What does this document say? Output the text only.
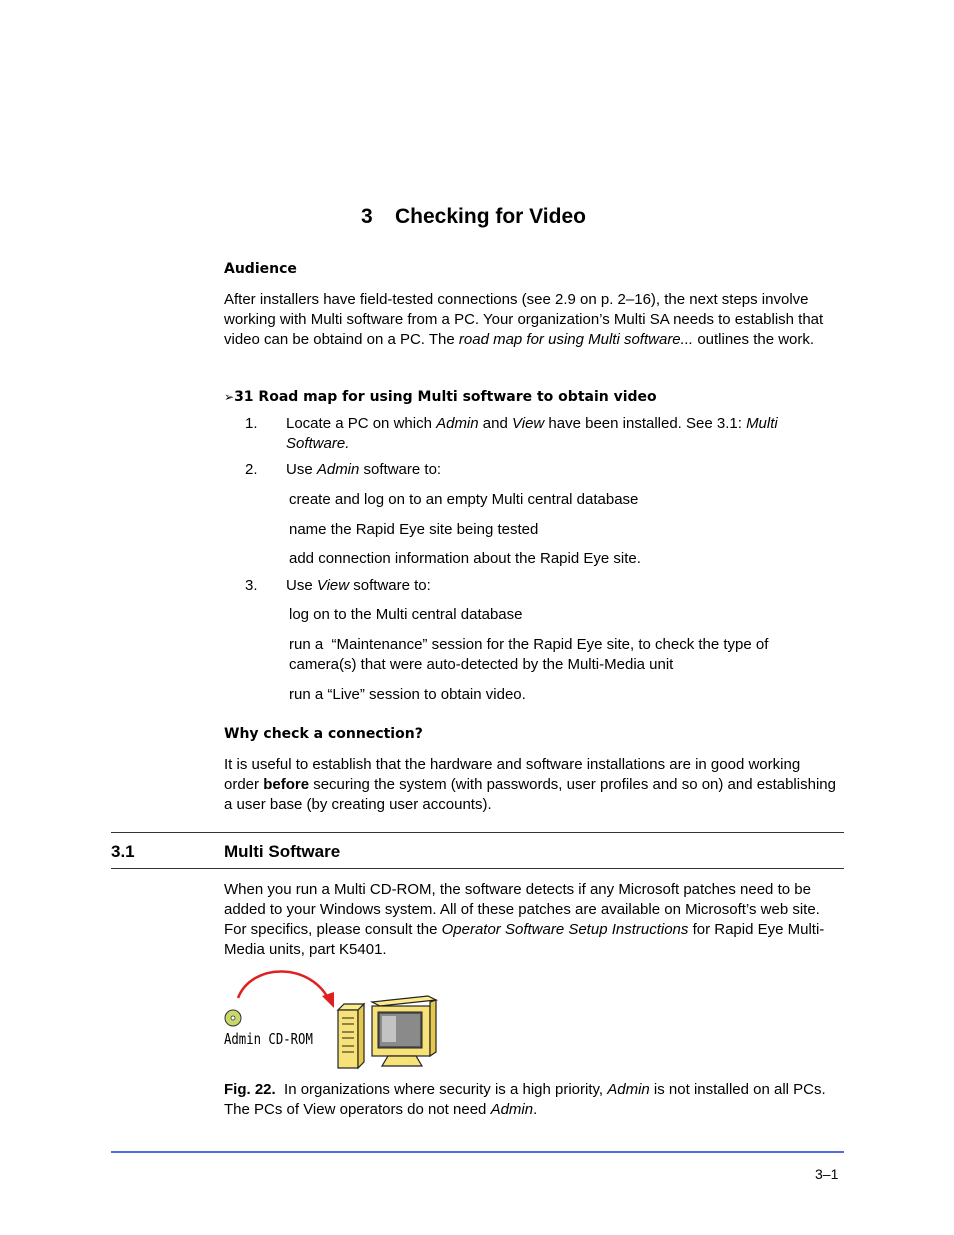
3 Checking for Video
Audience
After installers have field-tested connections (see 2.9 on p. 2–16), the next steps involve working with Multi software from a PC. Your organization’s Multi SA needs to establish that video can be obtaind on a PC. The road map for using Multi software... outlines the work.
➢31 Road map for using Multi software to obtain video
1. Locate a PC on which Admin and View have been installed. See 3.1: Multi
Software.
2. Use Admin software to:
create and log on to an empty Multi central database
name the Rapid Eye site being tested
add connection information about the Rapid Eye site.
3. Use View software to:
log on to the Multi central database
run a  “Maintenance” session for the Rapid Eye site, to check the type of
camera(s) that were auto-detected by the Multi-Media unit
run a “Live” session to obtain video.
Why check a connection?
It is useful to establish that the hardware and software installations are in good working order before securing the system (with passwords, user profiles and so on) and establishing a user base (by creating user accounts).
3.1	Multi Software
When you run a Multi CD-ROM, the software detects if any Microsoft patches need to be added to your Windows system. All of these patches are available on Microsoft’s web site. For specifics, please consult the Operator Software Setup Instructions for Rapid Eye Multi-Media units, part K5401.
Admin CD-ROM
Fig. 22. In organizations where security is a high priority, Admin is not installed on all PCs. The PCs of View operators do not need Admin.
3–1
